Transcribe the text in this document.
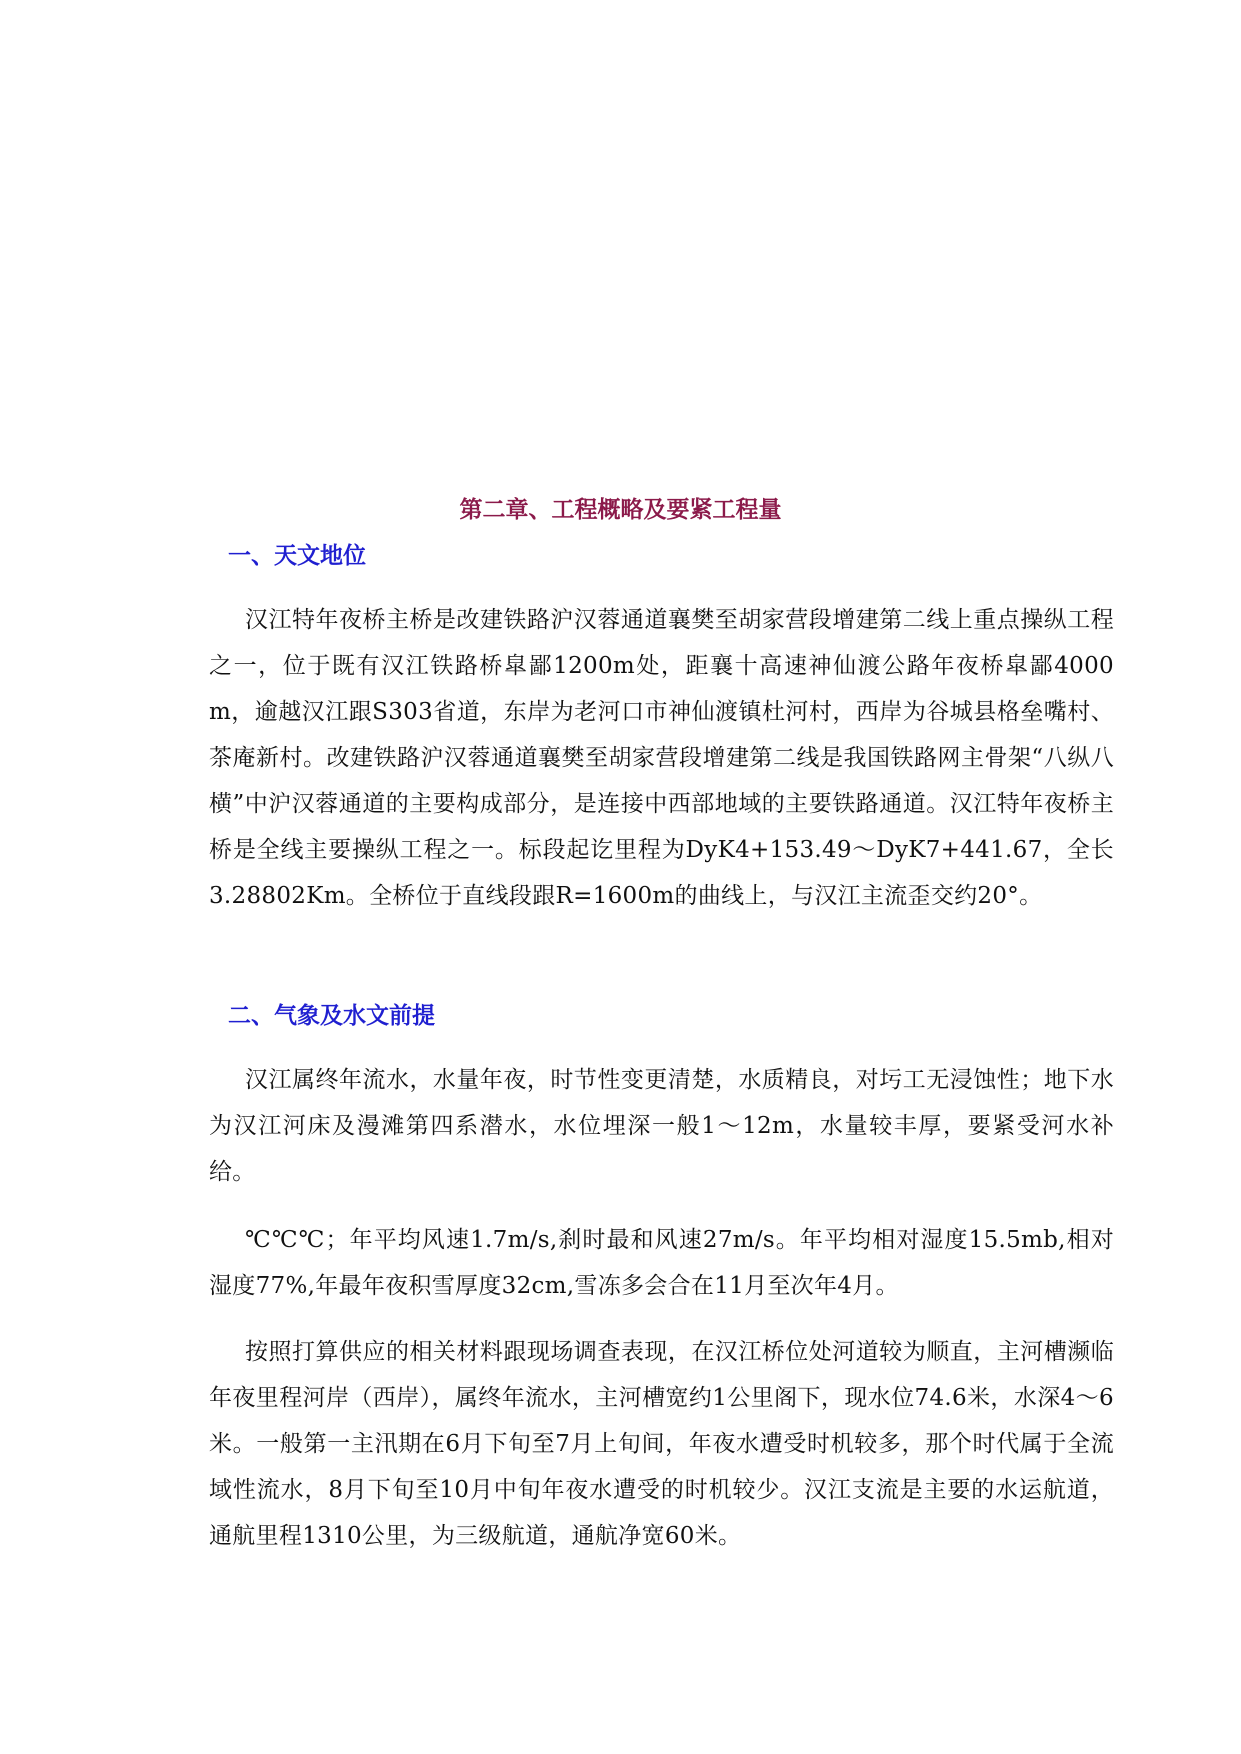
第二章、工程概略及要紧工程量
一、天文地位

汉江特年夜桥主桥是改建铁路沪汉蓉通道襄樊至胡家营段增建第二线上重点操纵工程之一，位于既有汉江铁路桥皐鄙1200m处，距襄十高速神仙渡公路年夜桥皐鄙4000m，逾越汉江跟S303省道，东岸为老河口市神仙渡镇杜河村，西岸为谷城县格垒嘴村、茶庵新村。改建铁路沪汉蓉通道襄樊至胡家营段增建第二线是我国铁路网主骨架“八纵八横”中沪汉蓉通道的主要构成部分，是连接中西部地域的主要铁路通道。汉江特年夜桥主桥是全线主要操纵工程之一。标段起讫里程为DyK4+153.49～DyK7+441.67，全长3.28802Km。全桥位于直线段跟R=1600m的曲线上，与汉江主流歪交约20°。

二、气象及水文前提

汉江属终年流水，水量年夜，时节性变更清楚，水质精良，对圬工无浸蚀性；地下水为汉江河床及漫滩第四系潜水，水位埋深一般1～12m，水量较丰厚，要紧受河水补给。

℃℃℃；年平均风速1.7m/s,刹时最和风速27m/s。年平均相对湿度15.5mb,相对湿度77%,年最年夜积雪厚度32cm,雪冻多会合在11月至次年4月。

按照打算供应的相关材料跟现场调查表现，在汉江桥位处河道较为顺直，主河槽濒临年夜里程河岸（西岸），属终年流水，主河槽宽约1公里阁下，现水位74.6米，水深4～6米。一般第一主汛期在6月下旬至7月上旬间，年夜水遭受时机较多，那个时代属于全流域性流水，8月下旬至10月中旬年夜水遭受的时机较少。汉江支流是主要的水运航道，通航里程1310公里，为三级航道，通航净宽60米。
